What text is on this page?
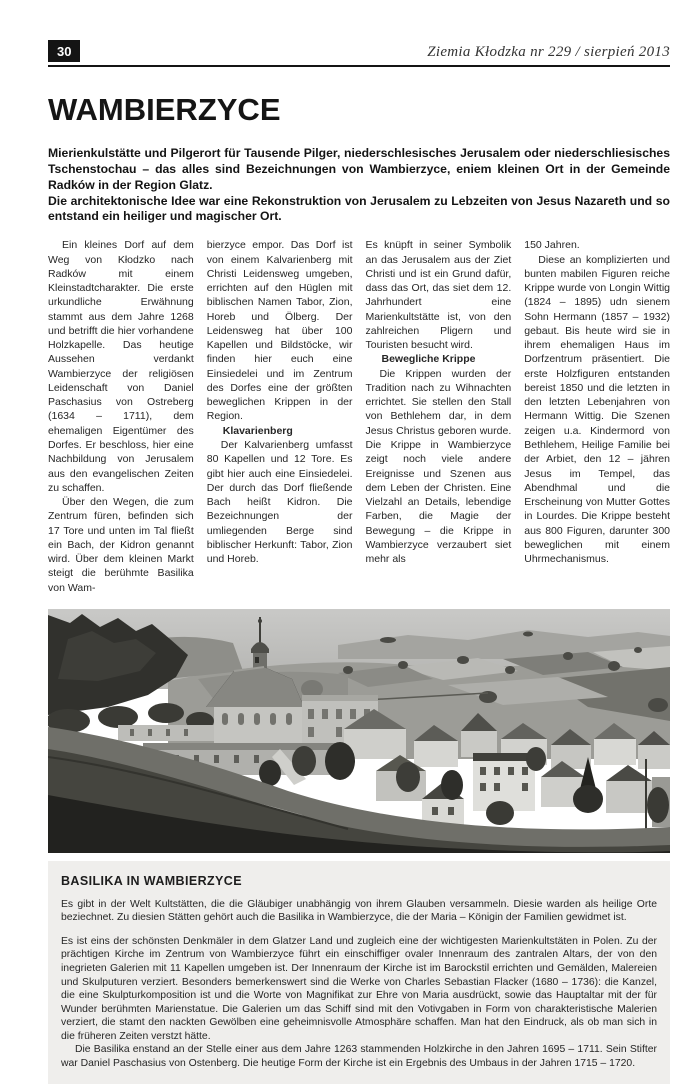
30	Ziemia Kłodzka nr 229 / sierpień 2013
WAMBIERZYCE

Mierienkulstätte und Pilgerort für Tausende Pilger, niederschlesisches Jerusalem oder niederschliesisches Tschenstochau – das alles sind Bezeichnungen von Wambierzyce, eniem kleinen Ort in der Gemeinde Radków in der Region Glatz.

Die architektonische Idee war eine Rekonstruktion von Jerusalem zu Lebzeiten von Jesus Nazareth und so entstand ein heiliger und magischer Ort.

Ein kleines Dorf auf dem Weg von Kłodzko nach Radków mit einem Kleinstadtcharakter. Die erste urkundliche Erwähnung stammt aus dem Jahre 1268 und betrifft die hier vorhandene Holzkapelle. Das heutige Aussehen verdankt Wambierzyce der religiösen Leidenschaft von Daniel Paschasius von Ostreberg (1634 – 1711), dem ehemaligen Eigentümer des Dorfes. Er beschloss, hier eine Nachbildung von Jerusalem aus den evangelischen Zeiten zu schaffen.

Über den Wegen, die zum Zentrum füren, befinden sich 17 Tore und unten im Tal fließt ein Bach, der Kidron genannt wird. Über dem kleinen Markt steigt die berühmte Basilika von Wam-

bierzyce empor. Das Dorf ist von einem Kalvarienberg mit Christi Leidensweg umgeben, errichten auf den Hüglen mit biblischen Namen Tabor, Zion, Horeb und Ölberg. Der Leidensweg hat über 100 Kapellen und Bildstöcke, wir finden hier euch eine Einsiedelei und im Zentrum des Dorfes eine der größten beweglichen Krippen in der Region.

Klavarienberg

Der Kalvarienberg umfasst 80 Kapellen und 12 Tore. Es gibt hier auch eine Einsiedelei. Der durch das Dorf fließende Bach heißt Kidron. Die Bezeichnungen der umliegenden Berge sind biblischer Herkunft: Tabor, Zion und Horeb.

Es knüpft in seiner Symbolik an das Jerusalem aus der Ziet Christi und ist ein Grund dafür, dass das Ort, das siet dem 12. Jahrhundert eine Marienkultstätte ist, von den zahlreichen Pligern und Touristen besucht wird.

Bewegliche Krippe

Die Krippen wurden der Tradition nach zu Wihnachten errichtet. Sie stellen den Stall von Bethlehem dar, in dem Jesus Christus geboren wurde. Die Krippe in Wambierzyce zeigt noch viele andere Ereignisse und Szenen aus dem Leben der Christen. Eine Vielzahl an Details, lebendige Farben, die Magie der Bewegung – die Krippe in Wambierzyce verzaubert siet mehr als

150 Jahren.

Diese an komplizierten und bunten mabilen Figuren reiche Krippe wurde von Longin Wittig (1824 – 1895) udn sienem Sohn Hermann (1857 – 1932) gebaut. Bis heute wird sie in ihrem ehemaligen Haus im Dorfzentrum präsentiert. Die erste Holzfiguren entstanden bereist 1850 und die letzten in den letzten Lebenjahren von Hermann Wittig. Die Szenen zeigen u.a. Kindermord von Bethlehem, Heilige Familie bei der Arbiet, den 12 – jähren Jesus im Tempel, das Abendhmal und die Erscheinung von Mutter Gottes in Lourdes. Die Krippe besteht aus 800 Figuren, darunter 300 beweglichen mit einem Uhrmechanismus.

BASILIKA IN WAMBIERZYCE

Es gibt in der Welt Kultstätten, die die Gläubiger unabhängig von ihrem Glauben versammeln. Diesie warden als heilige Orte beziechnet. Zu diesien Stätten gehört auch die Basilika in Wambierzyce, die der Maria – Königin der Familien gewidmet ist.

Es ist eins der schönsten Denkmäler in dem Glatzer Land und zugleich eine der wichtigesten Marienkultstäten in Polen. Zu der prächtigen Kirche im Zentrum von Wambierzyce führt ein einschiffiger ovaler Innenraum des zantralen Altars, der von den inegrieten Galerien mit 11 Kapellen umgeben ist. Der Innenraum der Kirche ist im Barockstil errichten und Gemälden, Malereien und Skulputuren verziert. Besonders bemerkenswert sind die Werke von Charles Sebastian Flacker (1680 – 1736): die Kanzel, die eine Skulpturkomposition ist und die Worte von Magnifikat zur Ehre von Maria ausdrückt, sowie das Hauptaltar mit der für Wunder berühmten Marienstatue. Die Galerien um das Schiff sind mit den Votivgaben in Form von charakteristische Malerien verziert, die stamt den nackten Gewölben eine geheimnisvolle Atmosphäre schaffen. Man hat den Eindruck, als ob man sich in die früheren Zeiten verstzt hätte.

Die Basilika enstand an der Stelle einer aus dem Jahre 1263 stammenden Holzkirche in den Jahren 1695 – 1711. Sein Stifter war Daniel Paschasius von Ostenberg. Die heutige Form der Kirche ist ein Ergebnis des Umbaus in der Jahren 1715 – 1720.
